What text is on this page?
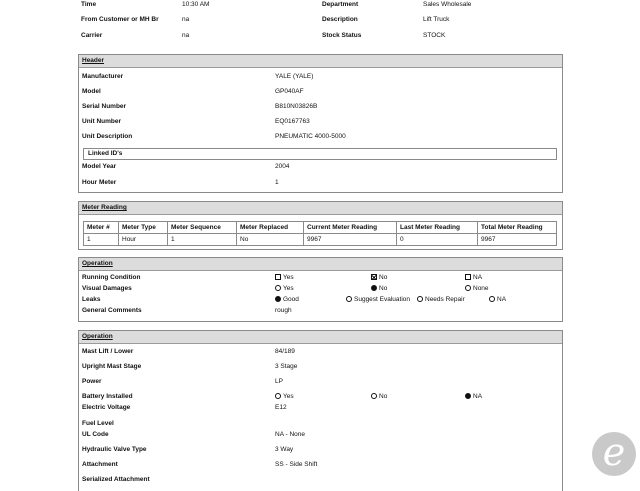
Time	10:30 AM
From Customer or MH Br	na
Carrier	na
Department	Sales Wholesale
Description	Lift Truck
Stock Status	STOCK
Header
Manufacturer	YALE (YALE)
Model	GP040AF
Serial Number	B810N03826B
Unit Number	EQ0167763
Unit Description	PNEUMATIC 4000-5000
Linked ID's
Model Year	2004
Hour Meter	1
Meter Reading
Meter #	Meter Type	Meter Sequence	Meter Replaced	Current Meter Reading	Last Meter Reading	Total Meter Reading
1	Hour	1	No	9967	0	9967
Operation
Running Condition	Yes	No	NA
Visual Damages	Yes	No	None
Leaks	Good	Suggest Evaluation	Needs Repair	NA
General Comments	rough
Operation
Mast Lift / Lower	84/189
Upright Mast Stage	3 Stage
Power	LP
Battery Installed	Yes	No	NA
Electric Voltage	E12
Fuel Level
UL Code	NA - None
Hydraulic Valve Type	3 Way
Attachment	SS - Side Shift
Serialized Attachment
e
